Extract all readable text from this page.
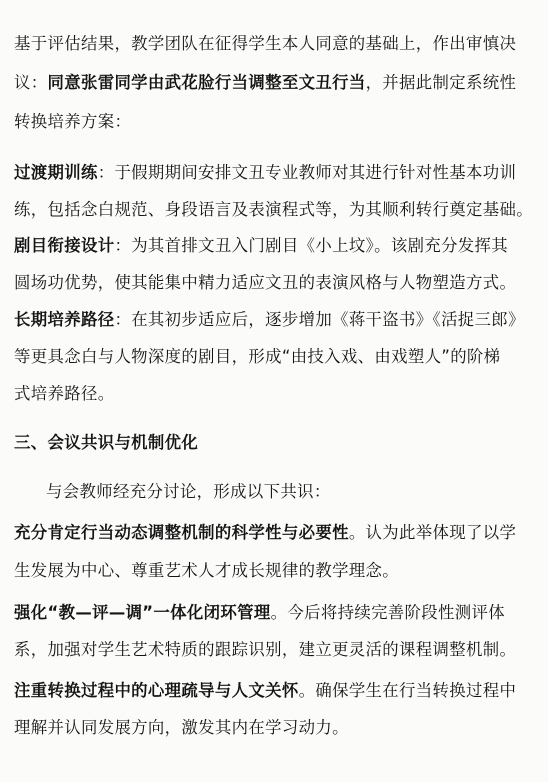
基于评估结果，教学团队在征得学生本人同意的基础上，作出审慎决
议：同意张雷同学由武花脸行当调整至文丑行当，并据此制定系统性
转换培养方案：
过渡期训练：于假期期间安排文丑专业教师对其进行针对性基本功训
练，包括念白规范、身段语言及表演程式等，为其顺利转行奠定基础。
剧目衔接设计：为其首排文丑入门剧目《小上坟》。该剧充分发挥其
圆场功优势，使其能集中精力适应文丑的表演风格与人物塑造方式。
长期培养路径：在其初步适应后，逐步增加《蒋干盗书》《活捉三郎》
等更具念白与人物深度的剧目，形成“由技入戏、由戏塑人”的阶梯
式培养路径。
三、会议共识与机制优化
与会教师经充分讨论，形成以下共识：
充分肯定行当动态调整机制的科学性与必要性。认为此举体现了以学
生发展为中心、尊重艺术人才成长规律的教学理念。
强化“教—评—调”一体化闭环管理。今后将持续完善阶段性测评体
系，加强对学生艺术特质的跟踪识别，建立更灵活的课程调整机制。
注重转换过程中的心理疏导与人文关怀。确保学生在行当转换过程中
理解并认同发展方向，激发其内在学习动力。
